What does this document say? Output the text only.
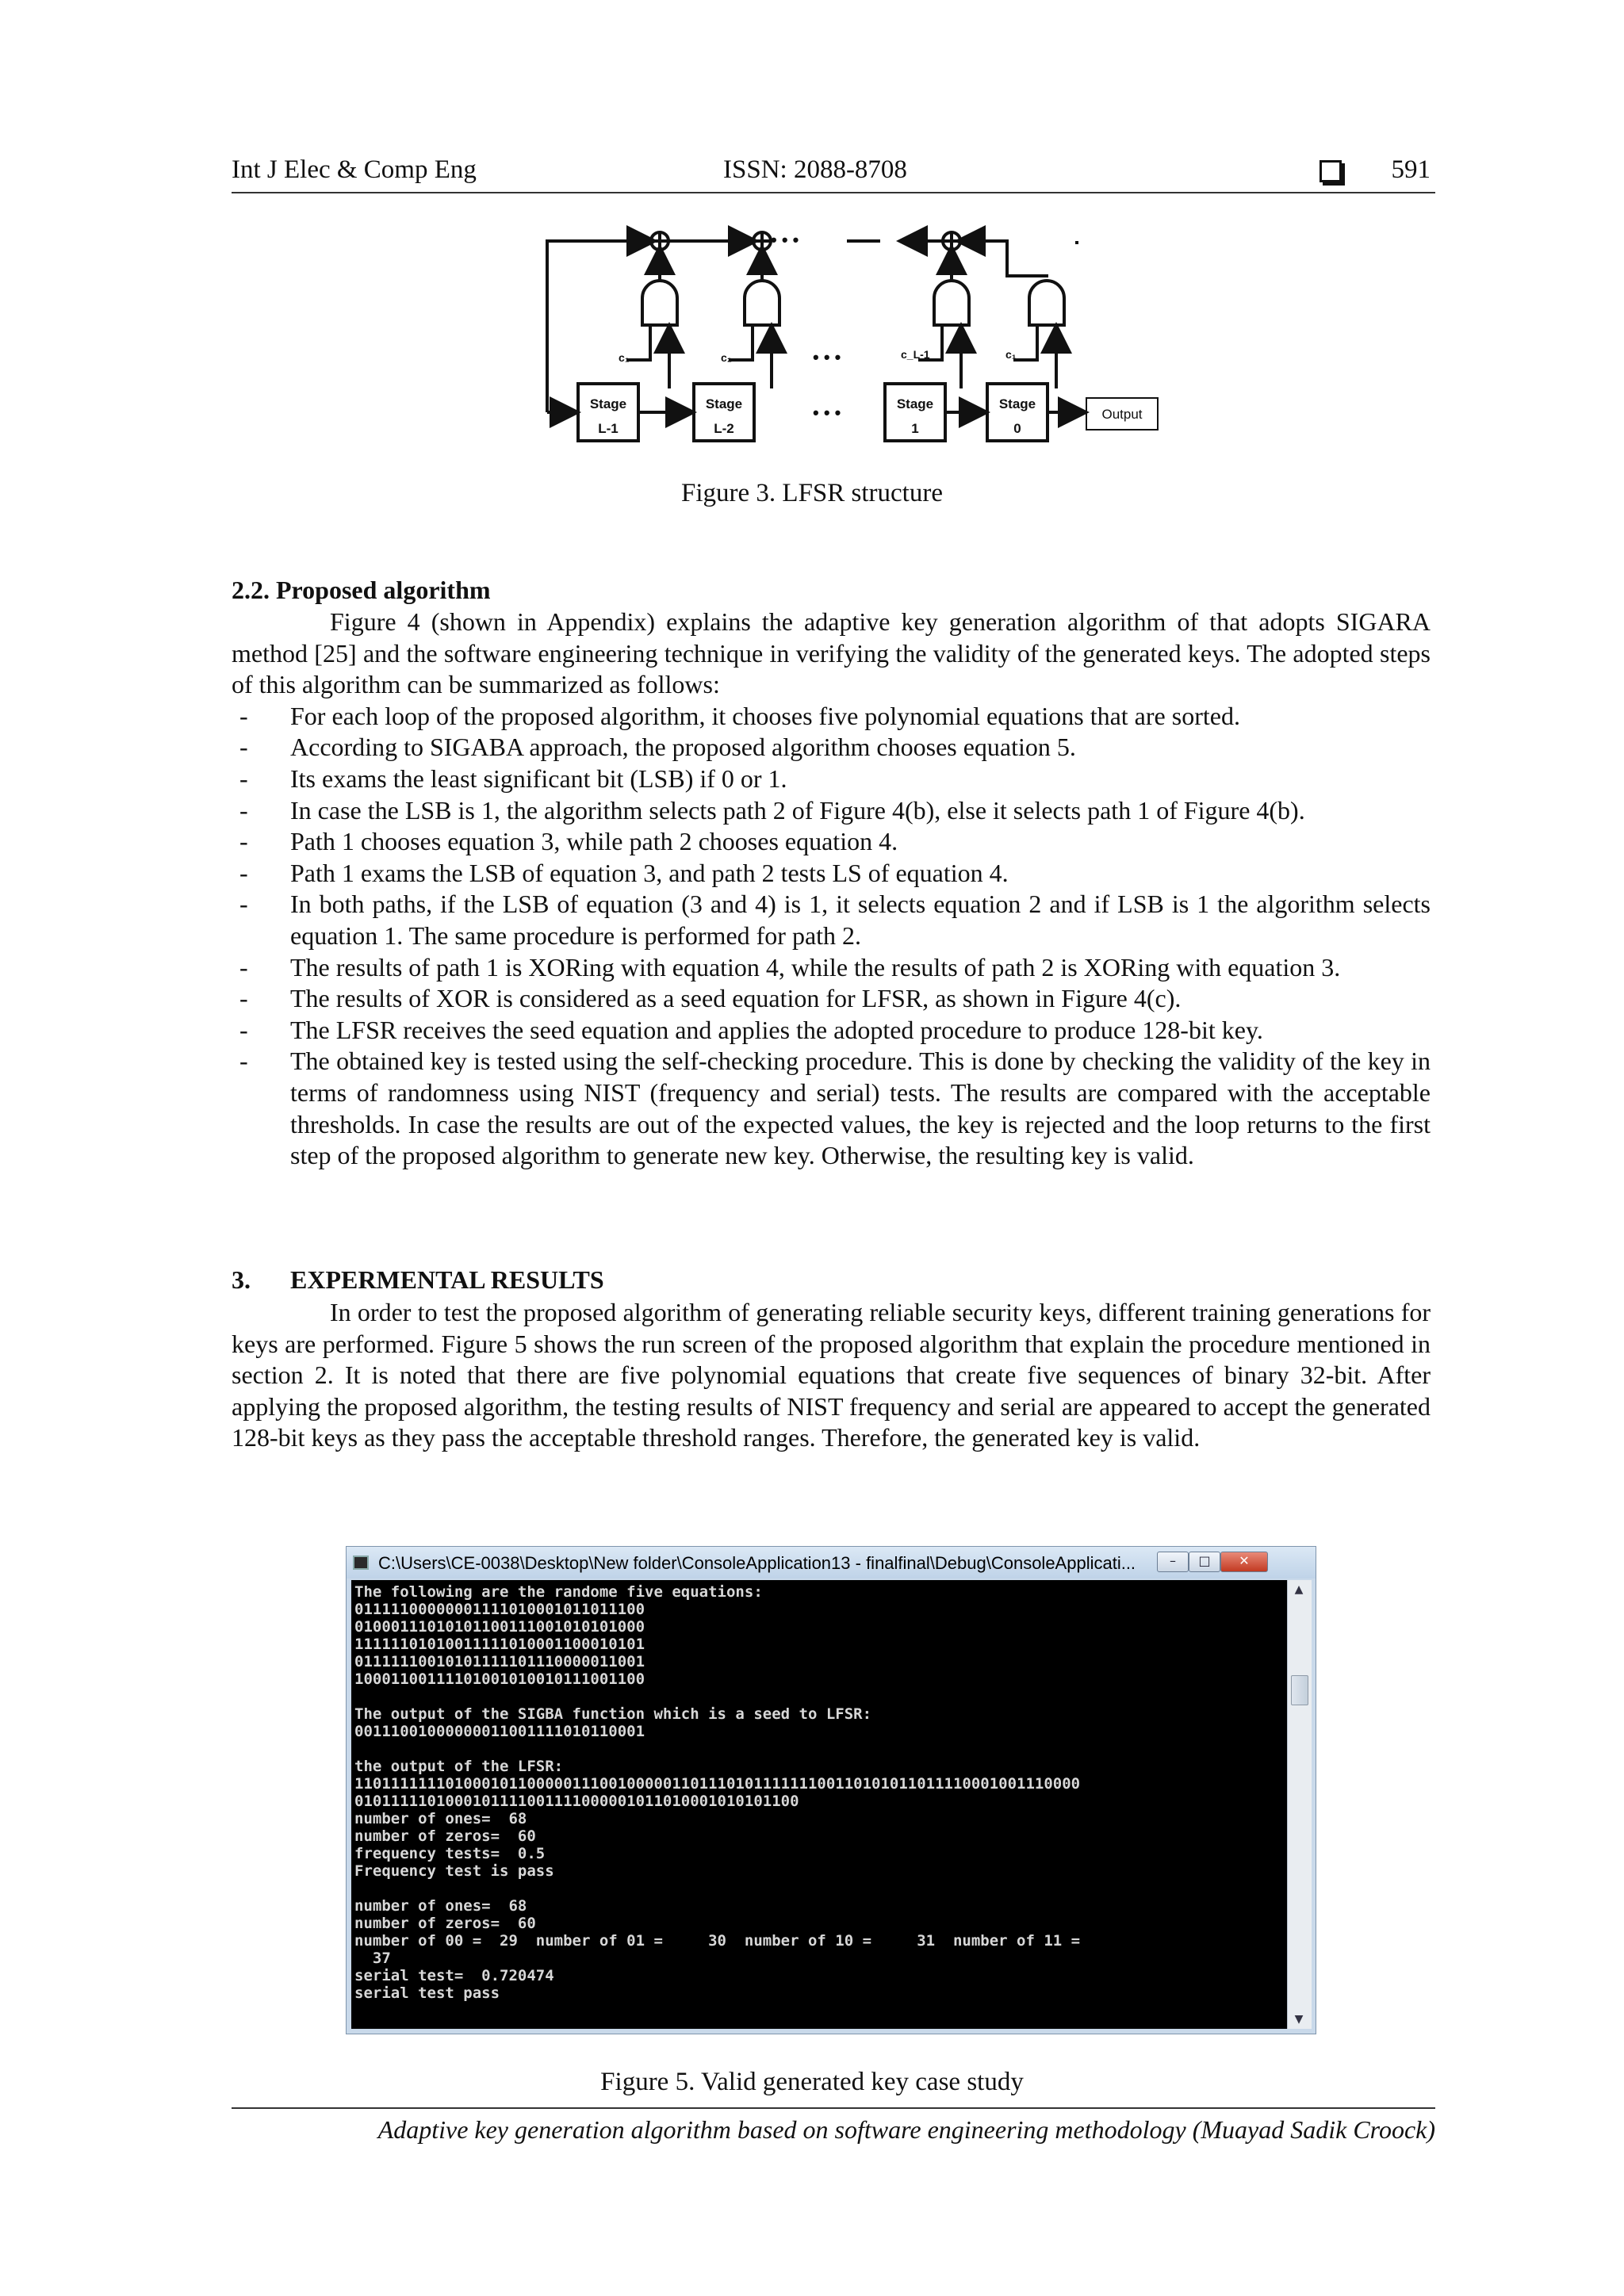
Int J Elec & Comp Eng	ISSN: 2088-8708	591
c₁	c₂	c_L-1	c₁
Stage
L-1
Stage
L-2
Stage
1
Stage
0
Output
• • •
• • •
• • •
Figure 3. LFSR structure
2.2. Proposed algorithm

Figure 4 (shown in Appendix) explains the adaptive key generation algorithm of that adopts SIGARA method [25] and the software engineering technique in verifying the validity of the generated keys. The adopted steps of this algorithm can be summarized as follows:

- For each loop of the proposed algorithm, it chooses five polynomial equations that are sorted.
- According to SIGABA approach, the proposed algorithm chooses equation 5.
- Its exams the least significant bit (LSB) if 0 or 1.
- In case the LSB is 1, the algorithm selects path 2 of Figure 4(b), else it selects path 1 of Figure 4(b).
- Path 1 chooses equation 3, while path 2 chooses equation 4.
- Path 1 exams the LSB of equation 3, and path 2 tests LS of equation 4.
- In both paths, if the LSB of equation (3 and 4) is 1, it selects equation 2 and if LSB is 1 the algorithm selects equation 1. The same procedure is performed for path 2.
- The results of path 1 is XORing with equation 4, while the results of path 2 is XORing with equation 3.
- The results of XOR is considered as a seed equation for LFSR, as shown in Figure 4(c).
- The LFSR receives the seed equation and applies the adopted procedure to produce 128-bit key.
- The obtained key is tested using the self-checking procedure. This is done by checking the validity of the key in terms of randomness using NIST (frequency and serial) tests. The results are compared with the acceptable thresholds. In case the results are out of the expected values, the key is rejected and the loop returns to the first step of the proposed algorithm to generate new key. Otherwise, the resulting key is valid.
3. EXPERMENTAL RESULTS

In order to test the proposed algorithm of generating reliable security keys, different training generations for keys are performed. Figure 5 shows the run screen of the proposed algorithm that explain the procedure mentioned in section 2. It is noted that there are five polynomial equations that create five sequences of binary 32-bit. After applying the proposed algorithm, the testing results of NIST frequency and serial are appeared to accept the generated 128-bit keys as they pass the acceptable threshold ranges. Therefore, the generated key is valid.

C:\Users\CE-0038\Desktop\New folder\ConsoleApplication13 - finalfinal\Debug\ConsoleApplicati...	–	□	✕
The following are the randome five equations:
01111100000001111010001011011100
01000111010101100111001010101000
11111101010011111010001100010101
01111110010101111101110000011001
10001100111101001010010111001100

The output of the SIGBA function which is a seed to LFSR:
00111001000000011001111010110001

the output of the LFSR:
11011111110100010110000011100100000110111010111111100110101011011110001001110000
0101111101000101111001111000001011010001010101100
number of ones=  68
number of zeros=  60
frequency tests=  0.5
Frequency test is pass

number of ones=  68
number of zeros=  60
number of 00 =  29  number of 01 =     30  number of 10 =     31  number of 11 =
37
serial test=  0.720474
serial test pass
▲
▼
Figure 5. Valid generated key case study
Adaptive key generation algorithm based on software engineering methodology (Muayad Sadik Croock)
